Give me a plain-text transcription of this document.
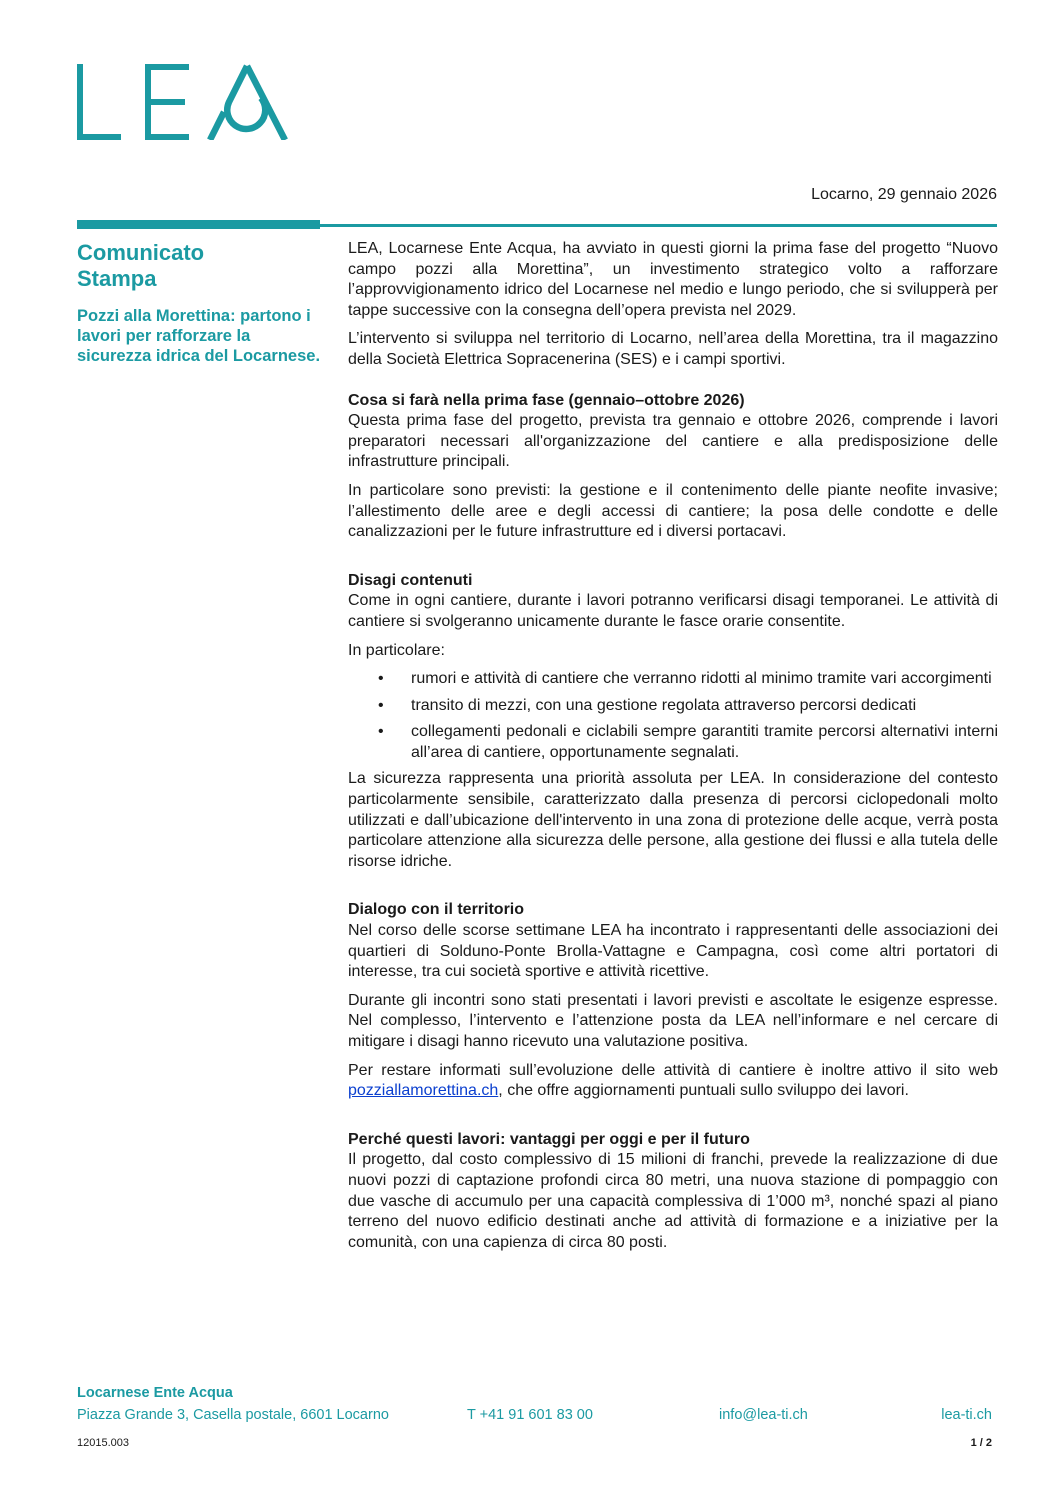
Locarno, 29 gennaio 2026
Comunicato
Stampa
Pozzi alla Morettina: partono i lavori per rafforzare la sicurezza idrica del Locarnese.

LEA, Locarnese Ente Acqua, ha avviato in questi giorni la prima fase del progetto “Nuovo campo pozzi alla Morettina”, un investimento strategico volto a rafforzare l’approvvigionamento idrico del Locarnese nel medio e lungo periodo, che si svilupperà per tappe successive con la consegna dell’opera prevista nel 2029.

L’intervento si sviluppa nel territorio di Locarno, nell’area della Morettina, tra il magazzino della Società Elettrica Sopracenerina (SES) e i campi sportivi.

Cosa si farà nella prima fase (gennaio–ottobre 2026)

Questa prima fase del progetto, prevista tra gennaio e ottobre 2026, comprende i lavori preparatori necessari all'organizzazione del cantiere e alla predisposizione delle infrastrutture principali.

In particolare sono previsti: la gestione e il contenimento delle piante neofite invasive; l’allestimento delle aree e degli accessi di cantiere; la posa delle condotte e delle canalizzazioni per le future infrastrutture ed i diversi portacavi.

Disagi contenuti

Come in ogni cantiere, durante i lavori potranno verificarsi disagi temporanei. Le attività di cantiere si svolgeranno unicamente durante le fasce orarie consentite.

In particolare:

• rumori e attività di cantiere che verranno ridotti al minimo tramite vari accorgimenti
• transito di mezzi, con una gestione regolata attraverso percorsi dedicati
• collegamenti pedonali e ciclabili sempre garantiti tramite percorsi alternativi interni all’area di cantiere, opportunamente segnalati.

La sicurezza rappresenta una priorità assoluta per LEA. In considerazione del contesto particolarmente sensibile, caratterizzato dalla presenza di percorsi ciclopedonali molto utilizzati e dall’ubicazione dell'intervento in una zona di protezione delle acque, verrà posta particolare attenzione alla sicurezza delle persone, alla gestione dei flussi e alla tutela delle risorse idriche.

Dialogo con il territorio

Nel corso delle scorse settimane LEA ha incontrato i rappresentanti delle associazioni dei quartieri di Solduno-Ponte Brolla-Vattagne e Campagna, così come altri portatori di interesse, tra cui società sportive e attività ricettive.

Durante gli incontri sono stati presentati i lavori previsti e ascoltate le esigenze espresse. Nel complesso, l’intervento e l’attenzione posta da LEA nell’informare e nel cercare di mitigare i disagi hanno ricevuto una valutazione positiva.

Per restare informati sull’evoluzione delle attività di cantiere è inoltre attivo il sito web pozziallamorettina.ch, che offre aggiornamenti puntuali sullo sviluppo dei lavori.

Perché questi lavori: vantaggi per oggi e per il futuro

Il progetto, dal costo complessivo di 15 milioni di franchi, prevede la realizzazione di due nuovi pozzi di captazione profondi circa 80 metri, una nuova stazione di pompaggio con due vasche di accumulo per una capacità complessiva di 1’000 m³, nonché spazi al piano terreno del nuovo edificio destinati anche ad attività di formazione e a iniziative per la comunità, con una capienza di circa 80 posti.

Locarnese Ente Acqua
Piazza Grande 3, Casella postale, 6601 Locarno	T +41 91 601 83 00	info@lea-ti.ch	lea-ti.ch
12015.003	1 / 2
